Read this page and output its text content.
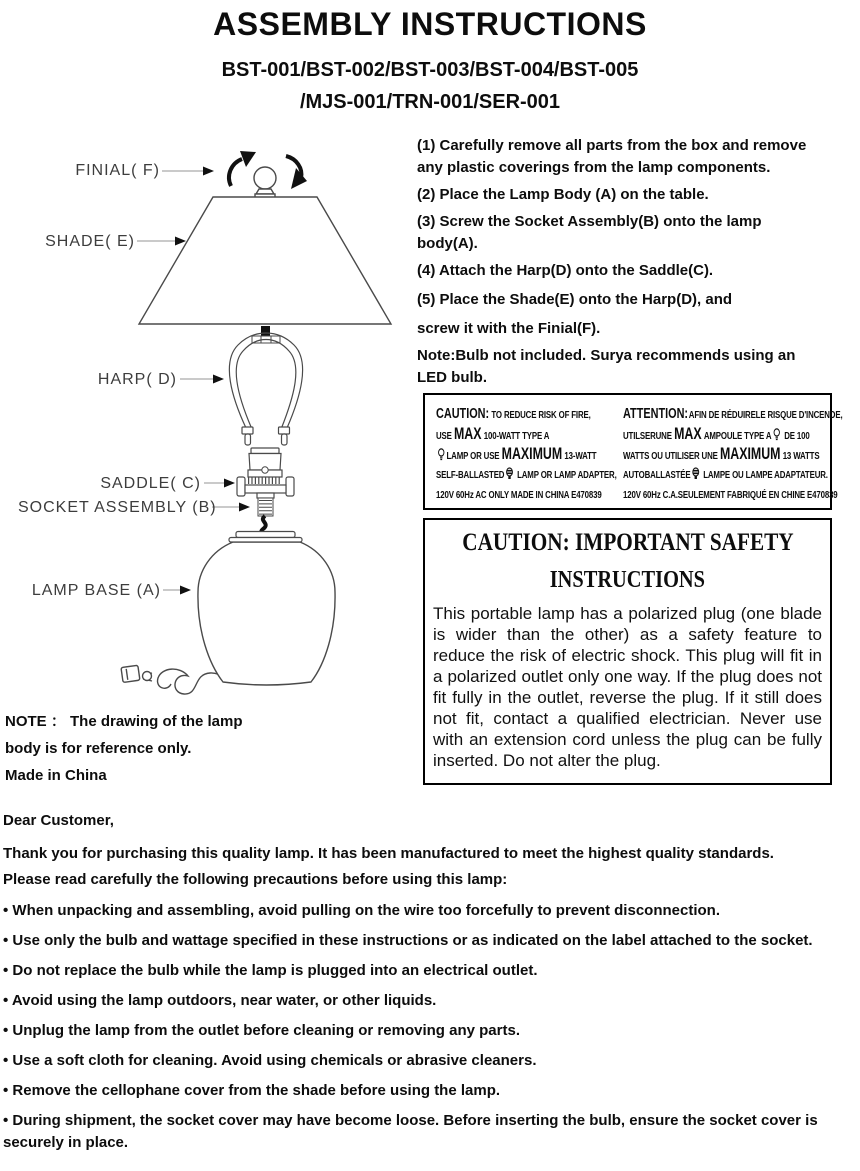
ASSEMBLY INSTRUCTIONS
BST-001/BST-002/BST-003/BST-004/BST-005
/MJS-001/TRN-001/SER-001
FINIAL( F)
SHADE( E)
HARP( D)
SADDLE( C)
SOCKET ASSEMBLY (B)
LAMP BASE (A)

(1) Carefully remove all parts from the box and remove
any plastic coverings from the lamp components.

(2) Place the Lamp Body (A) on the table.

(3) Screw the Socket Assembly(B) onto the lamp
body(A).

(4) Attach the Harp(D) onto the Saddle(C).

(5) Place the Shade(E) onto the Harp(D), and

screw it with the Finial(F).

Note:Bulb not included. Surya recommends using an
LED bulb.

CAUTION: TO REDUCE RISK OF FIRE,
USE MAX 100-WATT TYPE A
LAMP OR USE MAXIMUM 13-WATT
SELF-BALLASTED LAMP OR LAMP ADAPTER,
120V 60Hz AC ONLY MADE IN CHINA E470839
ATTENTION:AFIN DE RÉDUIRELE RISQUE D'INCENDE,
UTILSERUNE MAX AMPOULE TYPE A DE 100
WATTS OU UTILISER UNE MAXIMUM 13 WATTS
AUTOBALLASTÉE LAMPE OU LAMPE ADAPTATEUR.
120V 60Hz C.A.SEULEMENT FABRIQUÉ EN CHINE E470839
CAUTION: IMPORTANT SAFETY
INSTRUCTIONS
This portable lamp has a polarized plug (one blade is wider than the other) as a safety feature to reduce the risk of electric shock. This plug will fit in a polarized outlet only one way. If the plug does not fit fully in the outlet, reverse the plug. If it still does not fit, contact a qualified electrician. Never use with an extension cord unless the plug can be fully inserted. Do not alter the plug.
NOTE ： The drawing of the lamp
body is for reference only.
Made in China

Dear Customer,

Thank you for purchasing this quality lamp. It has been manufactured to meet the highest quality standards. Please read carefully the following precautions before using this lamp:

• When unpacking and assembling, avoid pulling on the wire too forcefully to prevent disconnection.

• Use only the bulb and wattage specified in these instructions or as indicated on the label attached to the socket.

• Do not replace the bulb while the lamp is plugged into an electrical outlet.

• Avoid using the lamp outdoors, near water, or other liquids.

• Unplug the lamp from the outlet before cleaning or removing any parts.

• Use a soft cloth for cleaning. Avoid using chemicals or abrasive cleaners.

• Remove the cellophane cover from the shade before using the lamp.

• During shipment, the socket cover may have become loose. Before inserting the bulb, ensure the socket cover is securely in place.
